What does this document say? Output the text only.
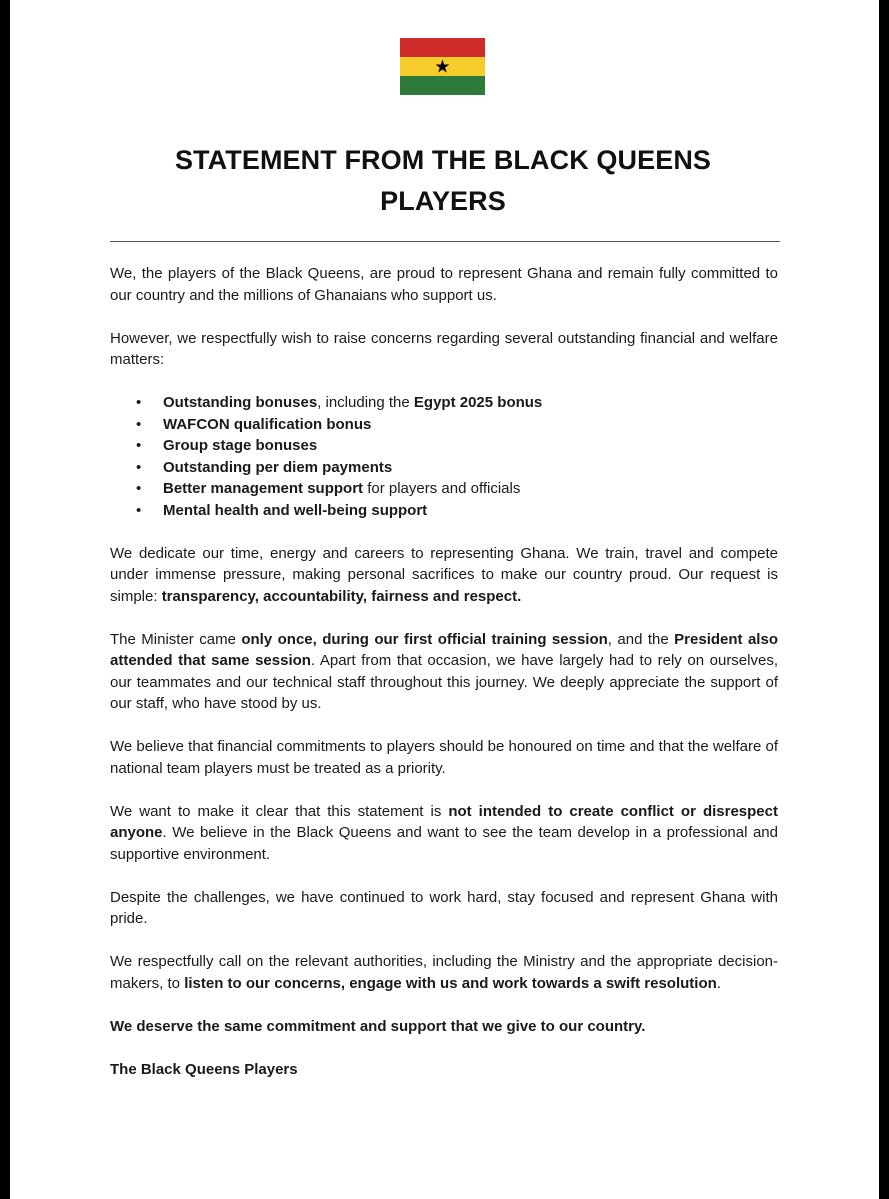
★
STATEMENT FROM THE BLACK QUEENS
PLAYERS

We, the players of the Black Queens, are proud to represent Ghana and remain fully committed to our country and the millions of Ghanaians who support us.

However, we respectfully wish to raise concerns regarding several outstanding financial and welfare matters:

• Outstanding bonuses, including the Egypt 2025 bonus
• WAFCON qualification bonus
• Group stage bonuses
• Outstanding per diem payments
• Better management support for players and officials
• Mental health and well-being support

We dedicate our time, energy and careers to representing Ghana. We train, travel and compete under immense pressure, making personal sacrifices to make our country proud. Our request is simple: transparency, accountability, fairness and respect.

The Minister came only once, during our first official training session, and the President also attended that same session. Apart from that occasion, we have largely had to rely on ourselves, our teammates and our technical staff throughout this journey. We deeply appreciate the support of our staff, who have stood by us.

We believe that financial commitments to players should be honoured on time and that the welfare of national team players must be treated as a priority.

We want to make it clear that this statement is not intended to create conflict or disrespect anyone. We believe in the Black Queens and want to see the team develop in a professional and supportive environment.

Despite the challenges, we have continued to work hard, stay focused and represent Ghana with pride.

We respectfully call on the relevant authorities, including the Ministry and the appropriate decision-makers, to listen to our concerns, engage with us and work towards a swift resolution.

We deserve the same commitment and support that we give to our country.

The Black Queens Players
